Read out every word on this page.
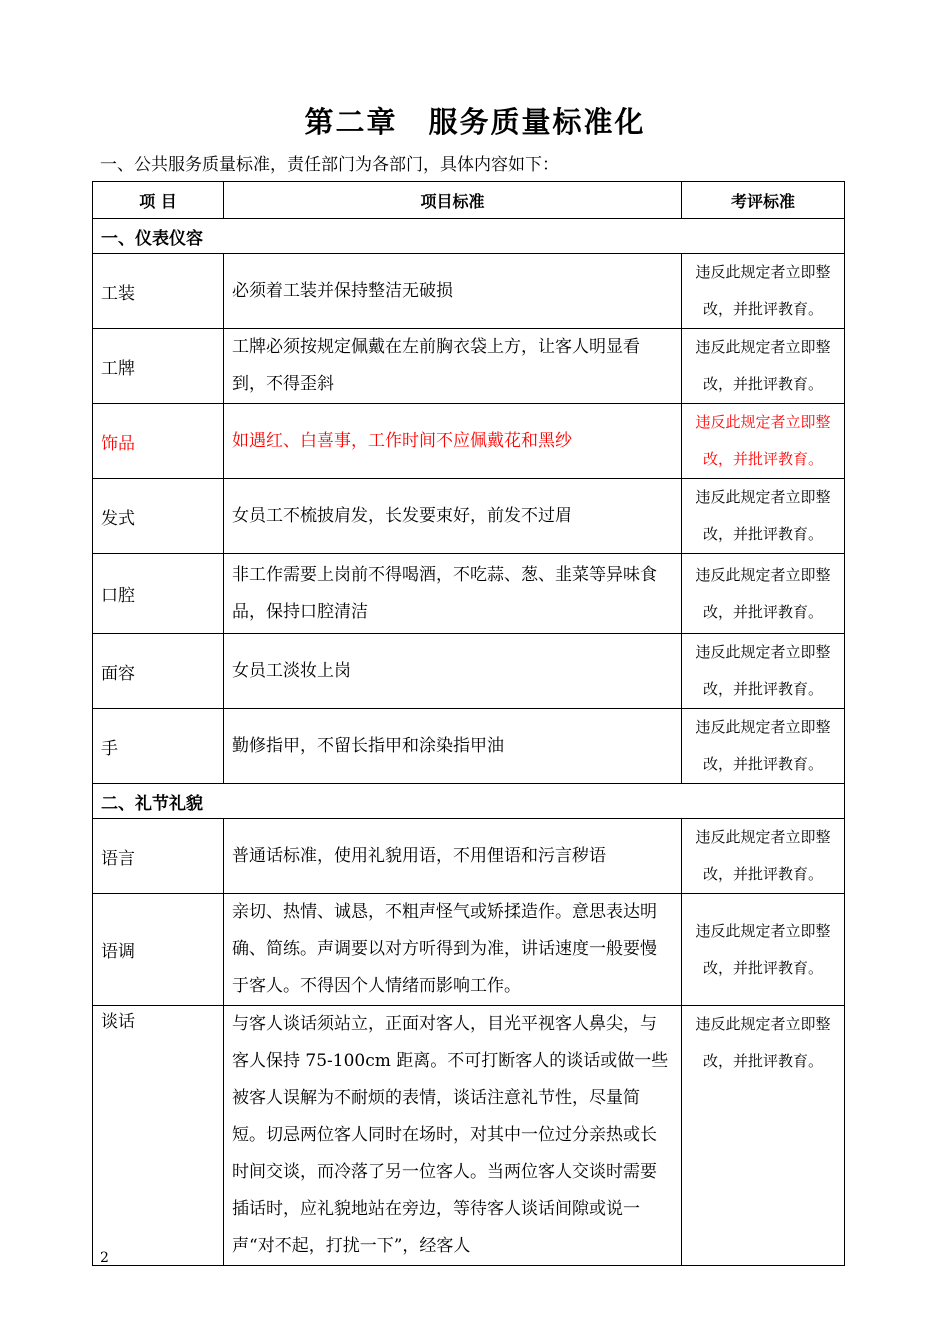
第二章　服务质量标准化
一、公共服务质量标准，责任部门为各部门，具体内容如下：
项 目	项目标准	考评标准
一、仪表仪容		
工装	必须着工装并保持整洁无破损	违反此规定者立即整改，并批评教育。
工牌	工牌必须按规定佩戴在左前胸衣袋上方，让客人明显看到，不得歪斜	违反此规定者立即整改，并批评教育。
饰品	如遇红、白喜事，工作时间不应佩戴花和黑纱	违反此规定者立即整改，并批评教育。
发式	女员工不梳披肩发，长发要束好，前发不过眉	违反此规定者立即整改，并批评教育。
口腔	非工作需要上岗前不得喝酒，不吃蒜、葱、韭菜等异味食品，保持口腔清洁	违反此规定者立即整改，并批评教育。
面容	女员工淡妆上岗	违反此规定者立即整改，并批评教育。
手	勤修指甲，不留长指甲和涂染指甲油	违反此规定者立即整改，并批评教育。
二、礼节礼貌		
语言	普通话标准，使用礼貌用语，不用俚语和污言秽语	违反此规定者立即整改，并批评教育。
语调	亲切、热情、诚恳，不粗声怪气或矫揉造作。意思表达明确、简练。声调要以对方听得到为准，讲话速度一般要慢于客人。不得因个人情绪而影响工作。	违反此规定者立即整改，并批评教育。
谈话	与客人谈话须站立，正面对客人，目光平视客人鼻尖，与客人保持 75-100cm 距离。不可打断客人的谈话或做一些被客人误解为不耐烦的表情，谈话注意礼节性，尽量简短。切忌两位客人同时在场时，对其中一位过分亲热或长时间交谈，而冷落了另一位客人。当两位客人交谈时需要插话时，应礼貌地站在旁边，等待客人谈话间隙或说一声“对不起，打扰一下”，经客人	违反此规定者立即整改，并批评教育。
2
